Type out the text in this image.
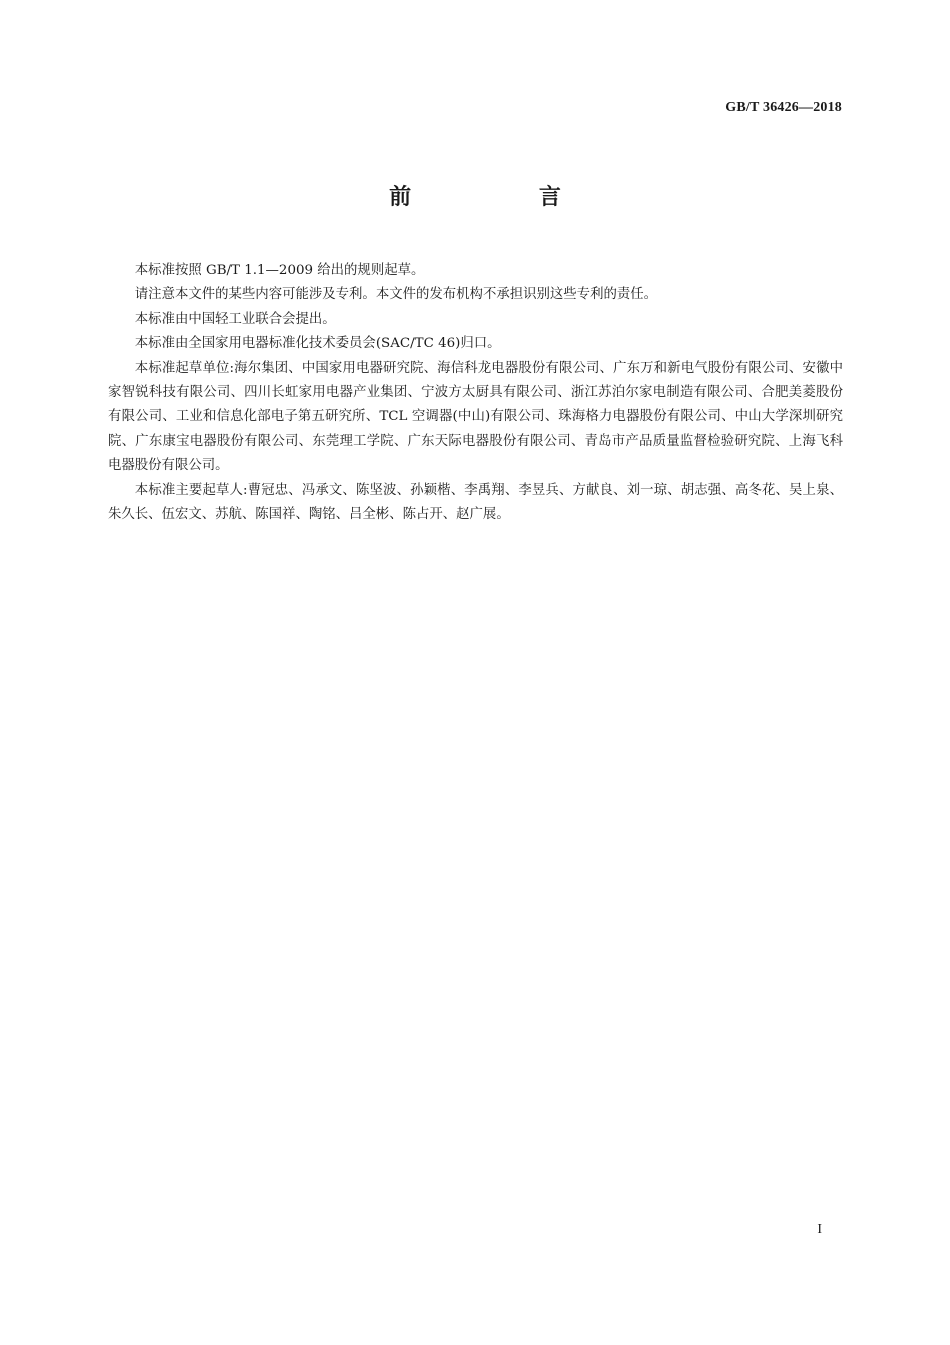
GB/T 36426—2018
前 言

本标准按照 GB/T 1.1—2009 给出的规则起草。

请注意本文件的某些内容可能涉及专利。本文件的发布机构不承担识别这些专利的责任。

本标准由中国轻工业联合会提出。

本标准由全国家用电器标准化技术委员会(SAC/TC 46)归口。

本标准起草单位:海尔集团、中国家用电器研究院、海信科龙电器股份有限公司、广东万和新电气股份有限公司、安徽中家智锐科技有限公司、四川长虹家用电器产业集团、宁波方太厨具有限公司、浙江苏泊尔家电制造有限公司、合肥美菱股份有限公司、工业和信息化部电子第五研究所、TCL 空调器(中山)有限公司、珠海格力电器股份有限公司、中山大学深圳研究院、广东康宝电器股份有限公司、东莞理工学院、广东天际电器股份有限公司、青岛市产品质量监督检验研究院、上海飞科电器股份有限公司。

本标准主要起草人:曹冠忠、冯承文、陈坚波、孙颖楷、李禹翔、李昱兵、方献良、刘一琼、胡志强、高冬花、吴上泉、朱久长、伍宏文、苏航、陈国祥、陶铭、吕全彬、陈占开、赵广展。

I
